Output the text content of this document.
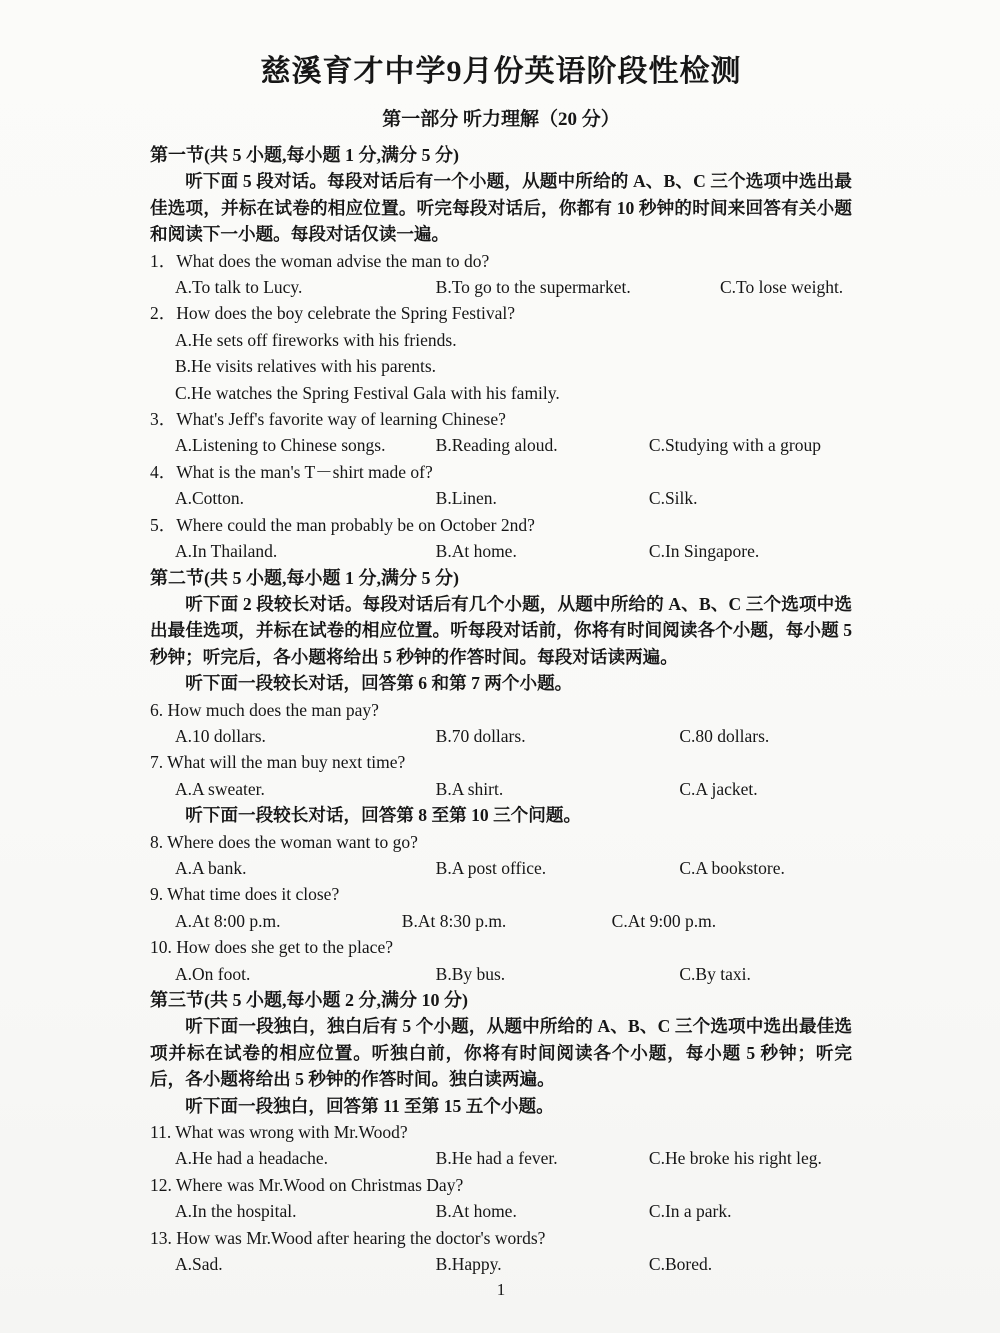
慈溪育才中学9月份英语阶段性检测
第一部分 听力理解（20 分）
第一节(共 5 小题,每小题 1 分,满分 5 分)

听下面 5 段对话。每段对话后有一个小题，从题中所给的 A、B、C 三个选项中选出最佳选项，并标在试卷的相应位置。听完每段对话后，你都有 10 秒钟的时间来回答有关小题和阅读下一小题。每段对话仅读一遍。

1．What does the woman advise the man to do?
A.To talk to Lucy.	B.To go to the supermarket.	C.To lose weight.
2．How does the boy celebrate the Spring Festival?
A.He sets off fireworks with his friends.
B.He visits relatives with his parents.
C.He watches the Spring Festival Gala with his family.
3．What's Jeff's favorite way of learning Chinese?
A.Listening to Chinese songs.	B.Reading aloud.	C.Studying with a group
4．What is the man's T－shirt made of?
A.Cotton.	B.Linen.	C.Silk.
5．Where could the man probably be on October 2nd?
A.In Thailand.	B.At home.	C.In Singapore.
第二节(共 5 小题,每小题 1 分,满分 5 分)

听下面 2 段较长对话。每段对话后有几个小题，从题中所给的 A、B、C 三个选项中选出最佳选项，并标在试卷的相应位置。听每段对话前，你将有时间阅读各个小题，每小题 5 秒钟；听完后，各小题将给出 5 秒钟的作答时间。每段对话读两遍。

听下面一段较长对话，回答第 6 和第 7 两个小题。
6. How much does the man pay?
A.10 dollars.	B.70 dollars.	C.80 dollars.
7. What will the man buy next time?
A.A sweater.	B.A shirt.	C.A jacket.
听下面一段较长对话，回答第 8 至第 10 三个问题。
8. Where does the woman want to go?
A.A bank.	B.A post office.	C.A bookstore.
9. What time does it close?
A.At 8:00 p.m.	B.At 8:30 p.m.	C.At 9:00 p.m.
10. How does she get to the place?
A.On foot.	B.By bus.	C.By taxi.
第三节(共 5 小题,每小题 2 分,满分 10 分)

听下面一段独白，独白后有 5 个小题，从题中所给的 A、B、C 三个选项中选出最佳选项并标在试卷的相应位置。听独白前，你将有时间阅读各个小题，每小题 5 秒钟；听完后，各小题将给出 5 秒钟的作答时间。独白读两遍。

听下面一段独白，回答第 11 至第 15 五个小题。
11. What was wrong with Mr.Wood?
A.He had a headache.	B.He had a fever.	C.He broke his right leg.
12. Where was Mr.Wood on Christmas Day?
A.In the hospital.	B.At home.	C.In a park.
13. How was Mr.Wood after hearing the doctor's words?
A.Sad.	B.Happy.	C.Bored.
1
